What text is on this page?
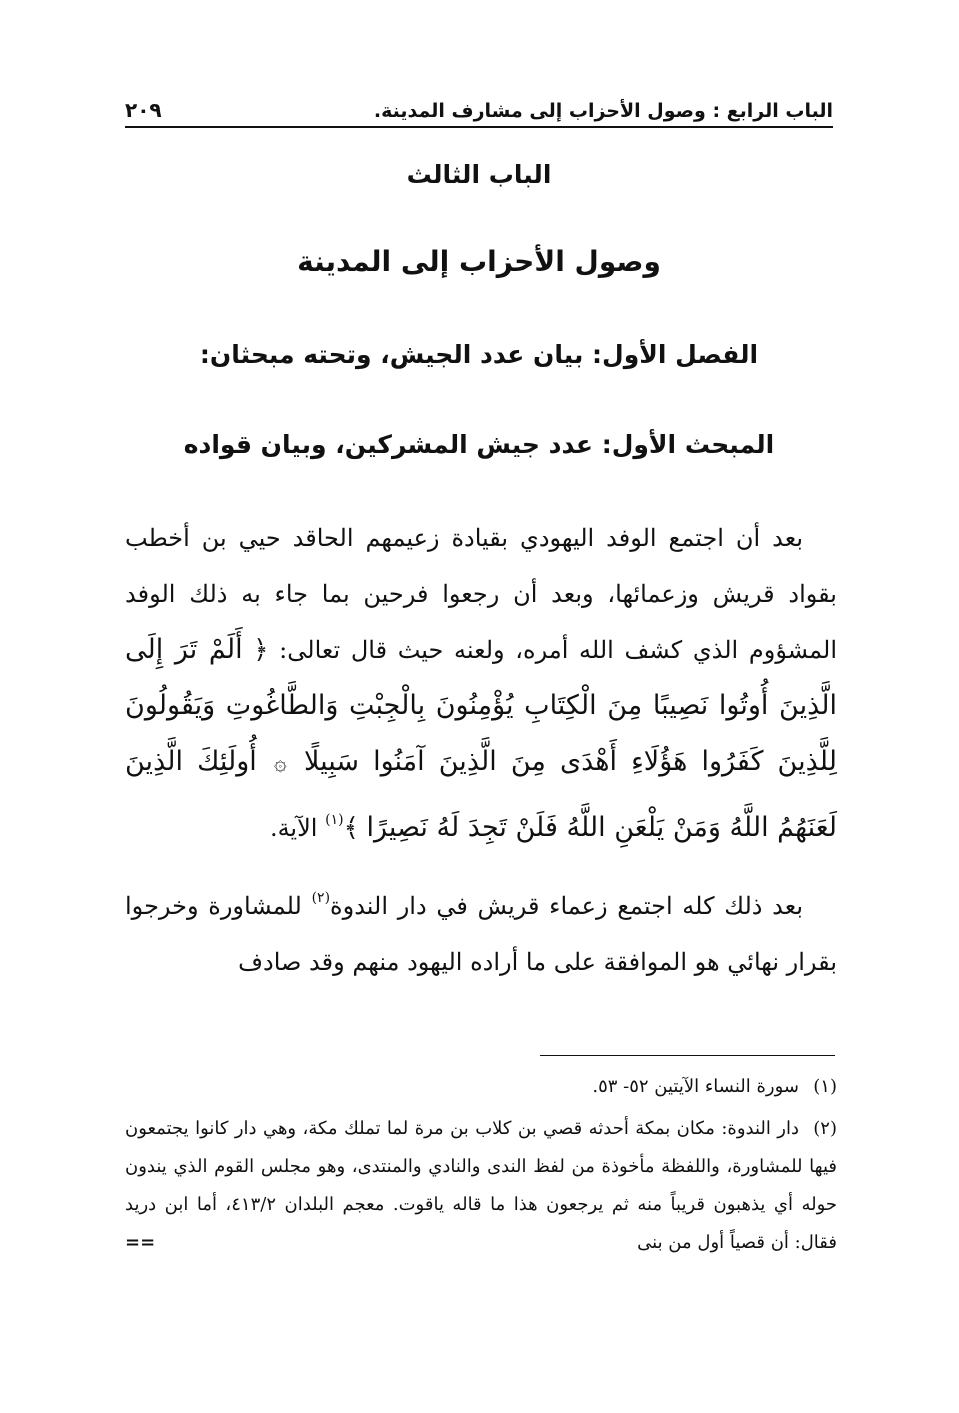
الباب الرابع : وصول الأحزاب إلى مشارف المدينة.
٢٠٩
الباب الثالث
وصول الأحزاب إلى المدينة
الفصل الأول: بيان عدد الجيش، وتحته مبحثان:
المبحث الأول: عدد جيش المشركين، وبيان قواده

بعد أن اجتمع الوفد اليهودي بقيادة زعيمهم الحاقد حيي بن أخطب بقواد قريش وزعمائها، وبعد أن رجعوا فرحين بما جاء به ذلك الوفد المشؤوم الذي كشف الله أمره، ولعنه حيث قال تعالى: ﴿ أَلَمْ تَرَ إِلَى الَّذِينَ أُوتُوا نَصِيبًا مِنَ الْكِتَابِ يُؤْمِنُونَ بِالْجِبْتِ وَالطَّاغُوتِ وَيَقُولُونَ لِلَّذِينَ كَفَرُوا هَؤُلَاءِ أَهْدَى مِنَ الَّذِينَ آمَنُوا سَبِيلًا ۞ أُولَئِكَ الَّذِينَ لَعَنَهُمُ اللَّهُ وَمَنْ يَلْعَنِ اللَّهُ فَلَنْ تَجِدَ لَهُ نَصِيرًا ﴾$^{(١)}$ الآية.

بعد ذلك كله اجتمع زعماء قريش في دار الندوة$^{(٢)}$ للمشاورة وخرجوا بقرار نهائي هو الموافقة على ما أراده اليهود منهم وقد صادف

(١)سورة النساء الآيتين ٥٢- ٥٣.

(٢)دار الندوة: مكان بمكة أحدثه قصي بن كلاب بن مرة لما تملك مكة، وهي دار كانوا يجتمعون فيها للمشاورة، واللفظة مأخوذة من لفظ الندى والنادي والمنتدى، وهو مجلس القوم الذي يندون حوله أي يذهبون قريباً منه ثم يرجعون هذا ما قاله ياقوت. معجم البلدان ٤١٣/٢، أما ابن دريد فقال: أن قصياً أول من بنى
==
